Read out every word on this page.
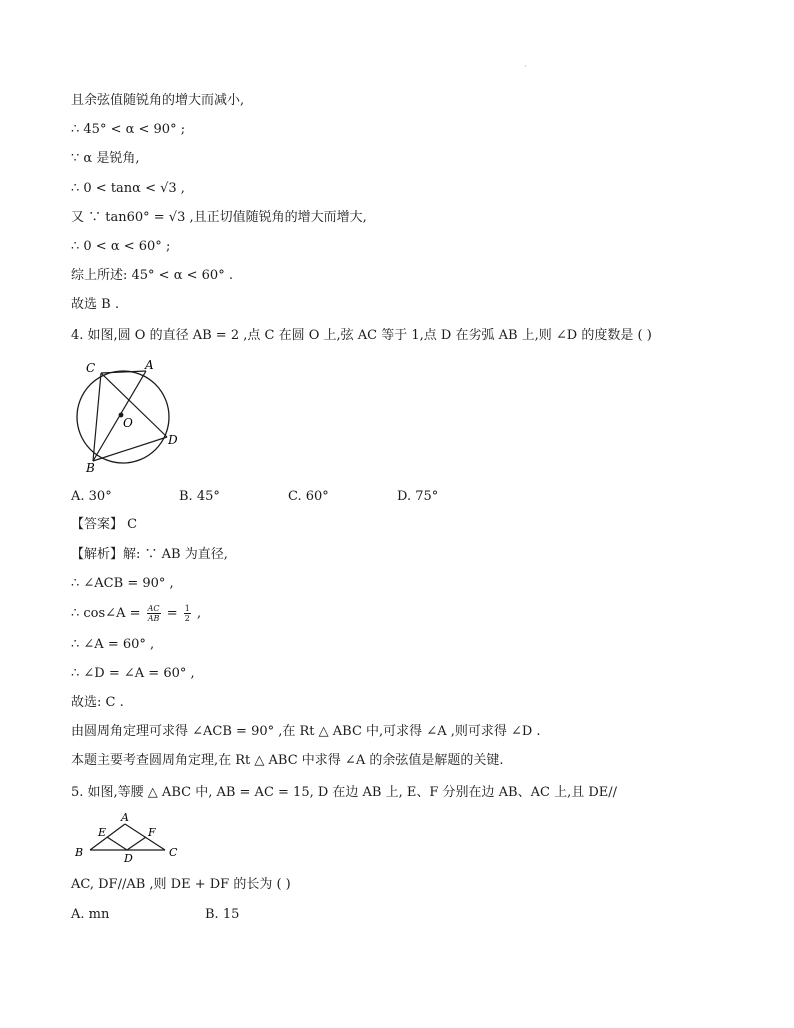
·
且余弦值随锐角的增大而减小,
∴ 45° < α < 90° ;
∵ α 是锐角,
∴ 0 < tanα < √3 ,
又 ∵ tan60° = √3 ,且正切值随锐角的增大而增大,
∴ 0 < α < 60° ;
综上所述: 45° < α < 60° .
故选 B .
4. 如图,圆 O 的直径 AB = 2 ,点 C 在圆 O 上,弦 AC 等于 1,点 D 在劣弧 AB 上,则 ∠D 的度数是 ( )
C	A
O
D
B
A. 30°	B. 45°	C. 60°	D. 75°
【答案】 C
【解析】解: ∵ AB 为直径,
∴ ∠ACB = 90° ,
∴ cos∠A = $\frac{AC}{AB} = \frac{1}{2}$ ,
∴ ∠A = 60° ,
∴ ∠D = ∠A = 60° ,
故选: C .
由圆周角定理可求得 ∠ACB = 90° ,在 Rt △ ABC 中,可求得 ∠A ,则可求得 ∠D .
本题主要考查圆周角定理,在 Rt △ ABC 中求得 ∠A 的余弦值是解题的关键.
5. 如图,等腰 △ ABC 中, AB = AC = 15, D 在边 AB 上, E、F 分别在边 AB、AC 上,且 DE//
A
E	F
B	D	C
AC, DF//AB ,则 DE + DF 的长为 ( )
A. mn	B. 15
